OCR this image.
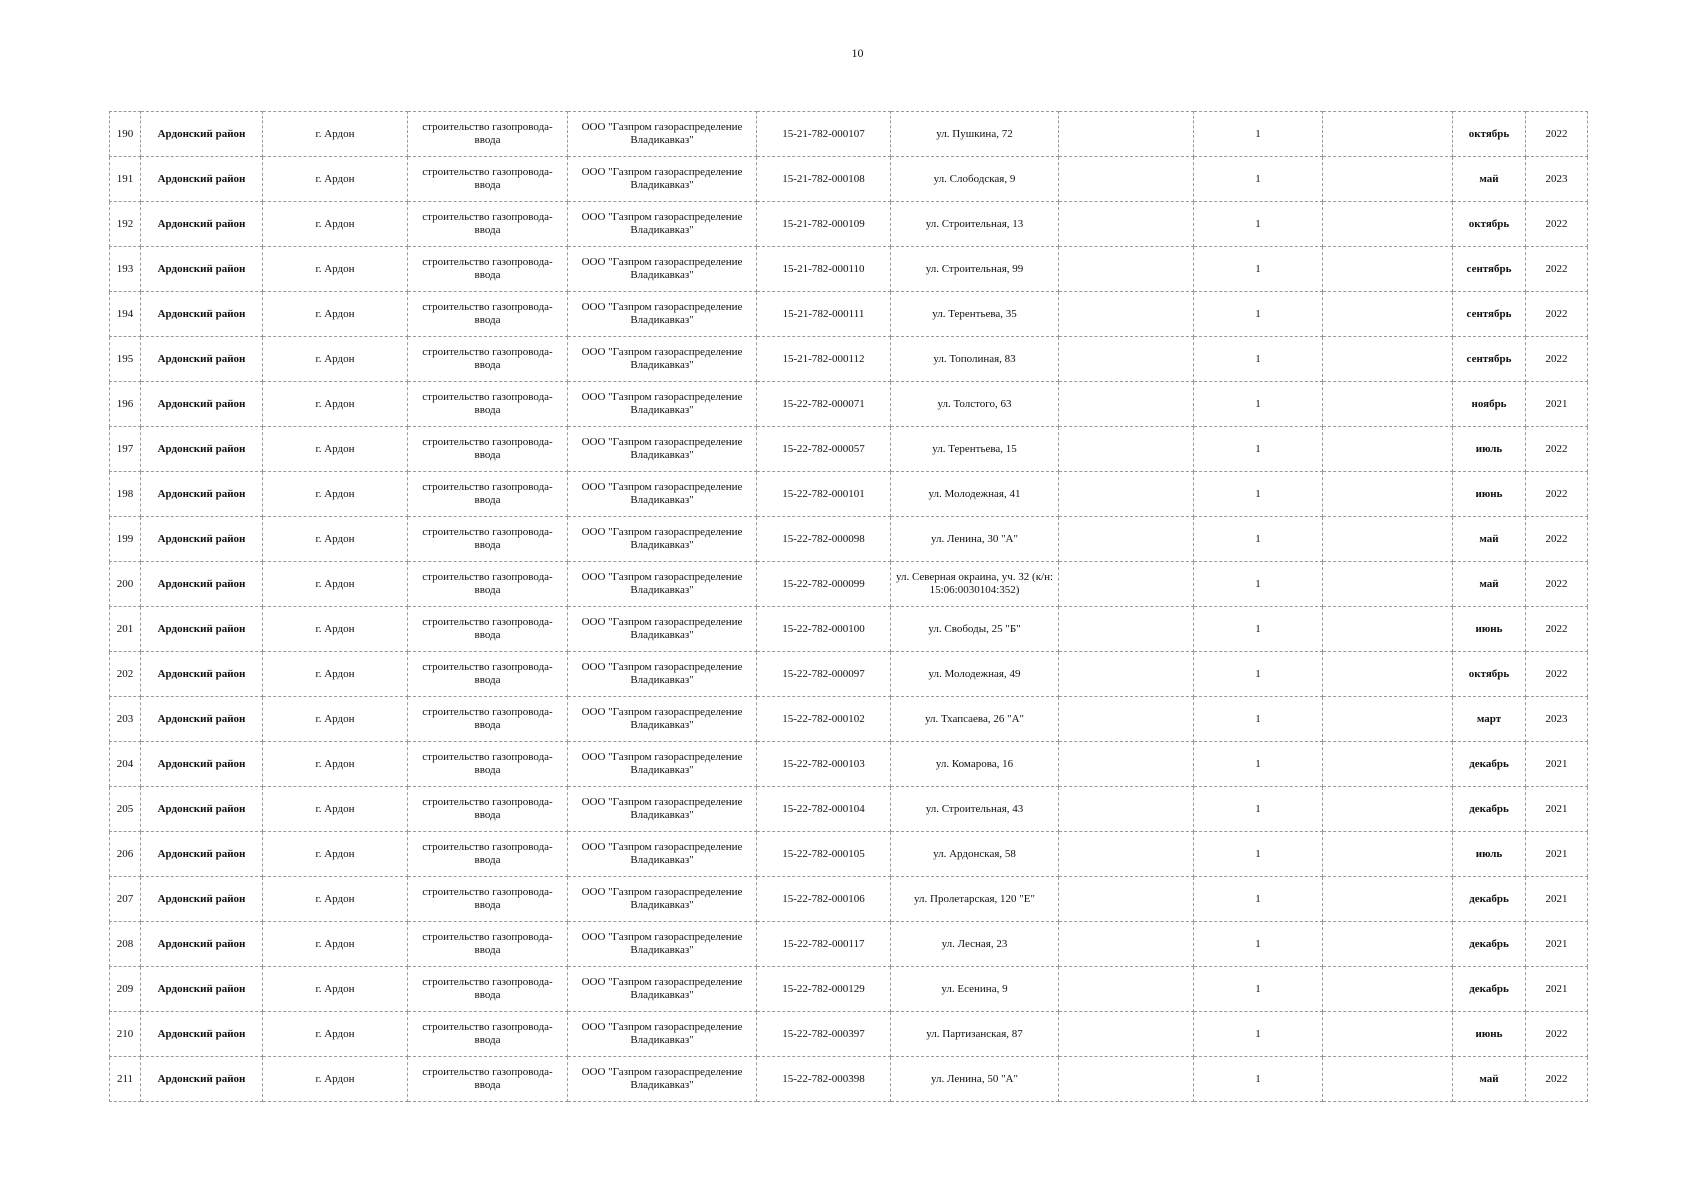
10
190	Ардонский район	г. Ардон	строительство газопровода-ввода	ООО "Газпром газораспределение Владикавказ"	15-21-782-000107	ул. Пушкина, 72		1		октябрь	2022
191	Ардонский район	г. Ардон	строительство газопровода-ввода	ООО "Газпром газораспределение Владикавказ"	15-21-782-000108	ул. Слободская, 9		1		май	2023
192	Ардонский район	г. Ардон	строительство газопровода-ввода	ООО "Газпром газораспределение Владикавказ"	15-21-782-000109	ул. Строительная, 13		1		октябрь	2022
193	Ардонский район	г. Ардон	строительство газопровода-ввода	ООО "Газпром газораспределение Владикавказ"	15-21-782-000110	ул. Строительная, 99		1		сентябрь	2022
194	Ардонский район	г. Ардон	строительство газопровода-ввода	ООО "Газпром газораспределение Владикавказ"	15-21-782-000111	ул. Терентьева, 35		1		сентябрь	2022
195	Ардонский район	г. Ардон	строительство газопровода-ввода	ООО "Газпром газораспределение Владикавказ"	15-21-782-000112	ул. Тополиная, 83		1		сентябрь	2022
196	Ардонский район	г. Ардон	строительство газопровода-ввода	ООО "Газпром газораспределение Владикавказ"	15-22-782-000071	ул. Толстого, 63		1		ноябрь	2021
197	Ардонский район	г. Ардон	строительство газопровода-ввода	ООО "Газпром газораспределение Владикавказ"	15-22-782-000057	ул. Терентьева, 15		1		июль	2022
198	Ардонский район	г. Ардон	строительство газопровода-ввода	ООО "Газпром газораспределение Владикавказ"	15-22-782-000101	ул. Молодежная, 41		1		июнь	2022
199	Ардонский район	г. Ардон	строительство газопровода-ввода	ООО "Газпром газораспределение Владикавказ"	15-22-782-000098	ул. Ленина, 30 "А"		1		май	2022
200	Ардонский район	г. Ардон	строительство газопровода-ввода	ООО "Газпром газораспределение Владикавказ"	15-22-782-000099	ул. Северная окраина, уч. 32 (к/н: 15:06:0030104:352)		1		май	2022
201	Ардонский район	г. Ардон	строительство газопровода-ввода	ООО "Газпром газораспределение Владикавказ"	15-22-782-000100	ул. Свободы, 25 "Б"		1		июнь	2022
202	Ардонский район	г. Ардон	строительство газопровода-ввода	ООО "Газпром газораспределение Владикавказ"	15-22-782-000097	ул. Молодежная, 49		1		октябрь	2022
203	Ардонский район	г. Ардон	строительство газопровода-ввода	ООО "Газпром газораспределение Владикавказ"	15-22-782-000102	ул. Тхапсаева, 26 "А"		1		март	2023
204	Ардонский район	г. Ардон	строительство газопровода-ввода	ООО "Газпром газораспределение Владикавказ"	15-22-782-000103	ул. Комарова, 16		1		декабрь	2021
205	Ардонский район	г. Ардон	строительство газопровода-ввода	ООО "Газпром газораспределение Владикавказ"	15-22-782-000104	ул. Строительная, 43		1		декабрь	2021
206	Ардонский район	г. Ардон	строительство газопровода-ввода	ООО "Газпром газораспределение Владикавказ"	15-22-782-000105	ул. Ардонская, 58		1		июль	2021
207	Ардонский район	г. Ардон	строительство газопровода-ввода	ООО "Газпром газораспределение Владикавказ"	15-22-782-000106	ул. Пролетарская, 120 "Е"		1		декабрь	2021
208	Ардонский район	г. Ардон	строительство газопровода-ввода	ООО "Газпром газораспределение Владикавказ"	15-22-782-000117	ул. Лесная, 23		1		декабрь	2021
209	Ардонский район	г. Ардон	строительство газопровода-ввода	ООО "Газпром газораспределение Владикавказ"	15-22-782-000129	ул. Есенина, 9		1		декабрь	2021
210	Ардонский район	г. Ардон	строительство газопровода-ввода	ООО "Газпром газораспределение Владикавказ"	15-22-782-000397	ул. Партизанская, 87		1		июнь	2022
211	Ардонский район	г. Ардон	строительство газопровода-ввода	ООО "Газпром газораспределение Владикавказ"	15-22-782-000398	ул. Ленина, 50 "А"		1		май	2022
